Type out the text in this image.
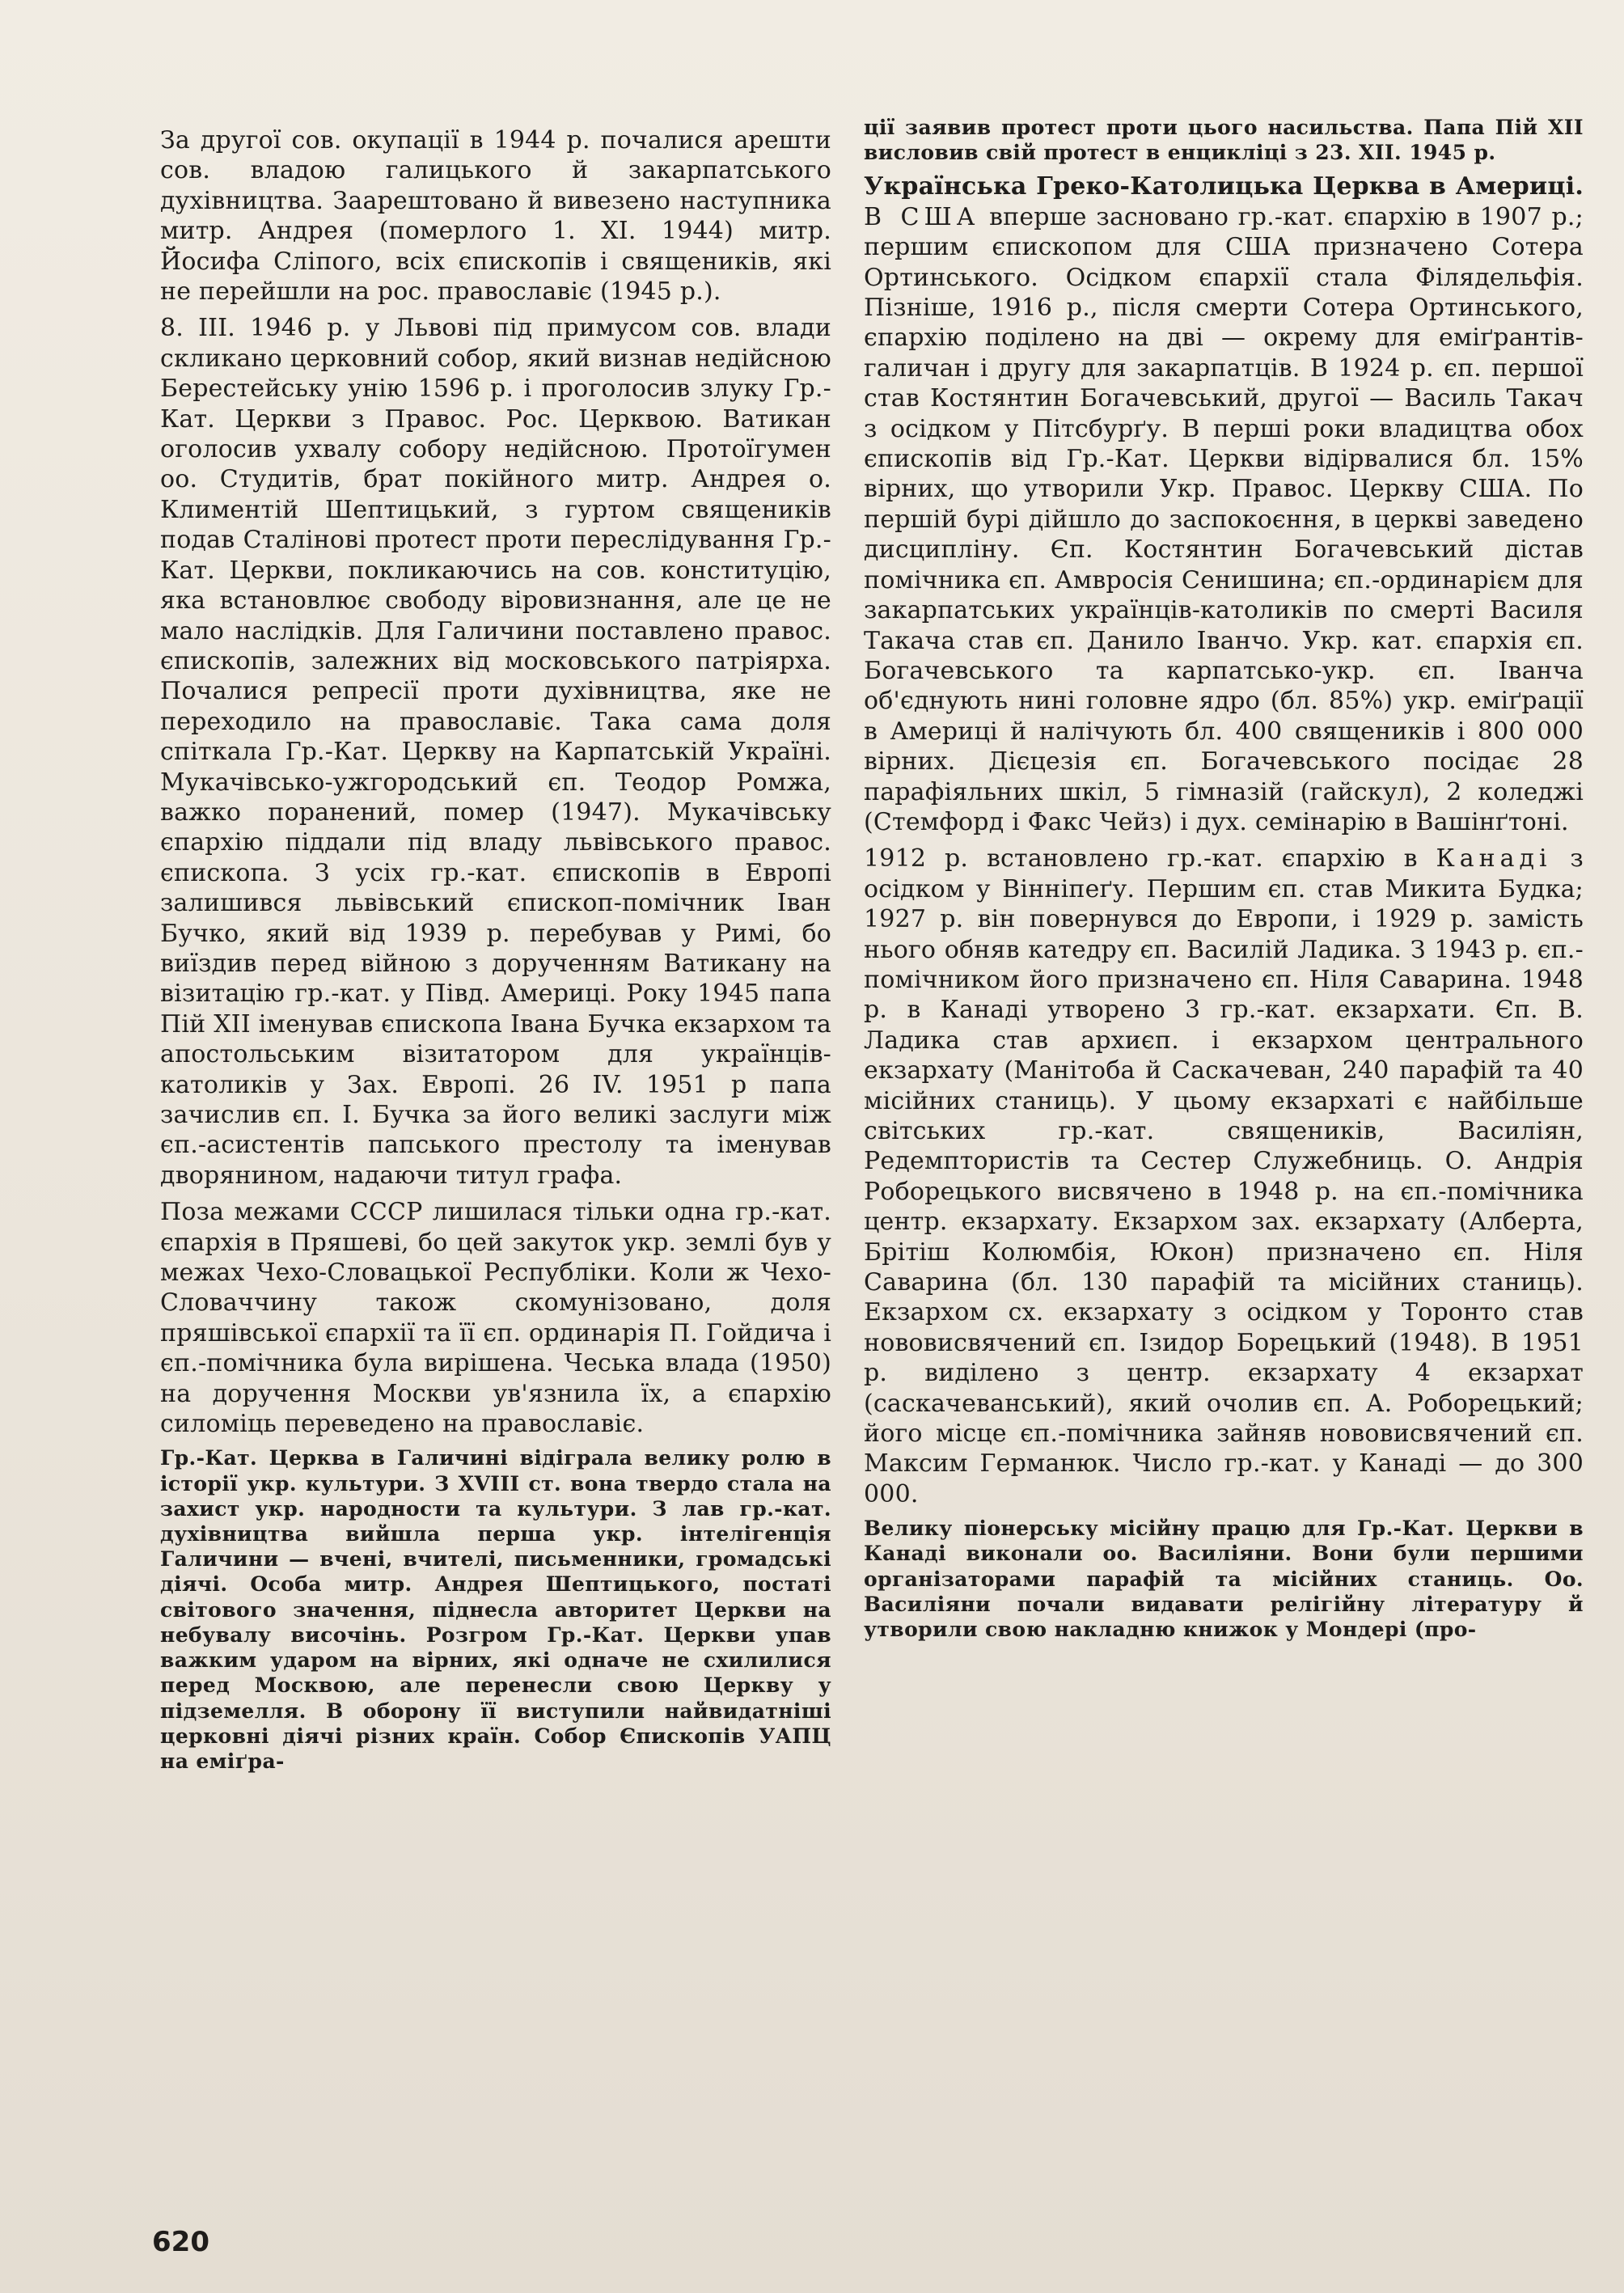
За другої сов. окупації в 1944 р. почалися арешти сов. владою галицького й закарпатського духівництва. Заарештовано й вивезено наступника митр. Андрея (померлого 1. XI. 1944) митр. Йосифа Сліпого, всіх єпископів і священиків, які не перейшли на рос. православіє (1945 р.).

8. III. 1946 р. у Львові під примусом сов. влади скликано церковний собор, який визнав недійсною Берестейську унію 1596 р. і проголосив злуку Гр.-Кат. Церкви з Правос. Рос. Церквою. Ватикан оголосив ухвалу собору недійсною. Протоїгумен оо. Студитів, брат покійного митр. Андрея о. Климентій Шептицький, з гуртом священиків подав Сталінові протест проти переслідування Гр.-Кат. Церкви, покликаючись на сов. конституцію, яка встановлює свободу віровизнання, але це не мало наслідків. Для Галичини поставлено правос. єпископів, залежних від московського патріярха. Почалися репресії проти духівництва, яке не переходило на православіє. Така сама доля спіткала Гр.-Кат. Церкву на Карпатській Україні. Мукачівсько-ужгородський єп. Теодор Ромжа, важко поранений, помер (1947). Мукачівську єпархію піддали під владу львівського правос. єпископа. З усіх гр.-кат. єпископів в Европі залишився львівський єпископ-помічник Іван Бучко, який від 1939 р. перебував у Римі, бо виїздив перед війною з дорученням Ватикану на візитацію гр.-кат. у Півд. Америці. Року 1945 папа Пій XII іменував єпископа Івана Бучка екзархом та апостольським візитатором для українців-католиків у Зах. Европі. 26 IV. 1951 р папа зачислив єп. І. Бучка за його великі заслуги між єп.-асистентів папського престолу та іменував дворянином, надаючи титул графа.

Поза межами СССР лишилася тільки одна гр.-кат. єпархія в Пряшеві, бо цей закуток укр. землі був у межах Чехо-Словацької Республіки. Коли ж Чехо-Словаччину також скомунізовано, доля пряшівської єпархії та її єп. ординарія П. Гойдича і єп.-помічника була вирішена. Чеська влада (1950) на доручення Москви ув'язнила їх, а єпархію силоміць переведено на православіє.

Гр.-Кат. Церква в Галичині відіграла велику ролю в історії укр. культури. З XVIII ст. вона твердо стала на захист укр. народности та культури. З лав гр.-кат. духівництва вийшла перша укр. інтелігенція Галичини — вчені, вчителі, письменники, громадські діячі. Особа митр. Андрея Шептицького, постаті світового значення, піднесла авторитет Церкви на небувалу височінь. Розгром Гр.-Кат. Церкви упав важким ударом на вірних, які одначе не схилилися перед Москвою, але перенесли свою Церкву у підземелля. В оборону її виступили найвидатніші церковні діячі різних країн. Собор Єпископів УАПЦ на еміґра-

ції заявив протест проти цього насильства. Папа Пій XII висловив свій протест в енцикліці з 23. XII. 1945 р.

Українська Греко-Католицька Церква в Америці. В США вперше засновано гр.-кат. єпархію в 1907 р.; першим єпископом для США призначено Сотера Ортинського. Осідком єпархії стала Філядельфія. Пізніше, 1916 р., після смерти Сотера Ортинського, єпархію поділено на дві — окрему для еміґрантів-галичан і другу для закарпатців. В 1924 р. єп. першої став Костянтин Богачевський, другої — Василь Такач з осідком у Пітсбурґу. В перші роки владицтва обох єпископів від Гр.-Кат. Церкви відірвалися бл. 15% вірних, що утворили Укр. Правос. Церкву США. По першій бурі дійшло до заспокоєння, в церкві заведено дисципліну. Єп. Костянтин Богачевський дістав помічника єп. Амвросія Сенишина; єп.-ординарієм для закарпатських українців-католиків по смерті Василя Такача став єп. Данило Іванчо. Укр. кат. єпархія єп. Богачевського та карпатсько-укр. єп. Іванча об'єднують нині головне ядро (бл. 85%) укр. еміґрації в Америці й налічують бл. 400 священиків і 800 000 вірних. Дієцезія єп. Богачевського посідає 28 парафіяльних шкіл, 5 гімназій (гайскул), 2 коледжі (Стемфорд і Факс Чейз) і дух. семінарію в Вашінґтоні.

1912 р. встановлено гр.-кат. єпархію в Канаді з осідком у Вінніпеґу. Першим єп. став Микита Будка; 1927 р. він повернувся до Европи, і 1929 р. замість нього обняв катедру єп. Василій Ладика. З 1943 р. єп.-помічником його призначено єп. Ніля Саварина. 1948 р. в Канаді утворено 3 гр.-кат. екзархати. Єп. В. Ладика став архиєп. і екзархом центрального екзархату (Манітоба й Саскачеван, 240 парафій та 40 місійних станиць). У цьому екзархаті є найбільше світських гр.-кат. священиків, Василіян, Редемптористів та Сестер Служебниць. О. Андрія Роборецького висвячено в 1948 р. на єп.-помічника центр. екзархату. Екзархом зах. екзархату (Алберта, Брітіш Колюмбія, Юкон) призначено єп. Ніля Саварина (бл. 130 парафій та місійних станиць). Екзархом сх. екзархату з осідком у Торонто став нововисвячений єп. Ізидор Борецький (1948). В 1951 р. виділено з центр. екзархату 4 екзархат (саскачеванський), який очолив єп. А. Роборецький; його місце єп.-помічника зайняв нововисвячений єп. Максим Германюк. Число гр.-кат. у Канаді — до 300 000.

Велику піонерську місійну працю для Гр.-Кат. Церкви в Канаді виконали оо. Василіяни. Вони були першими організаторами парафій та місійних станиць. Оо. Василіяни почали видавати релігійну літературу й утворили свою накладню книжок у Мондері (про-

620
